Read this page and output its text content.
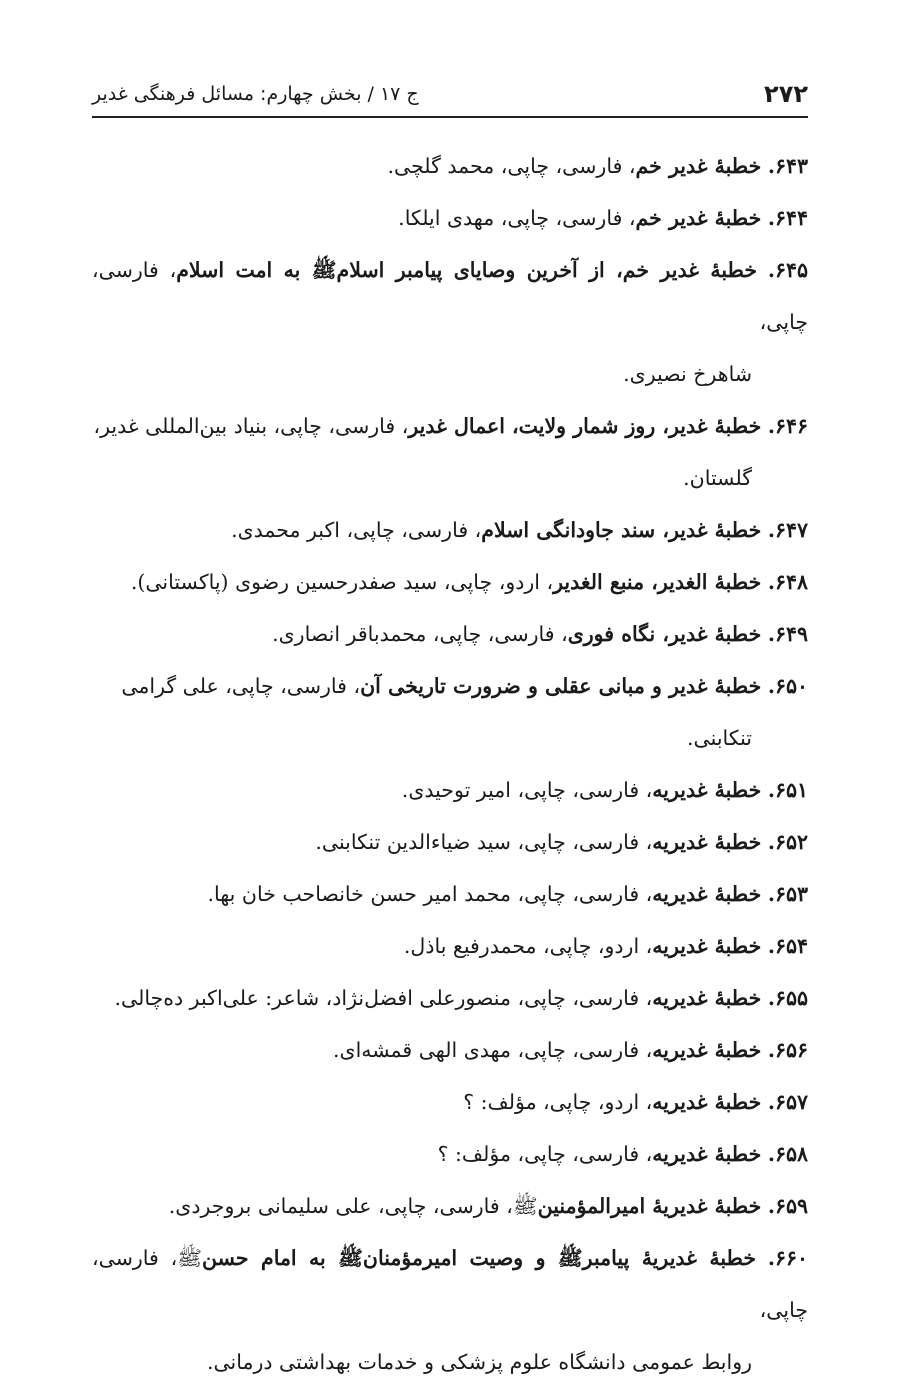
۲۷۲
ج ۱۷ / بخش چهارم: مسائل فرهنگی غدیر
۶۴۳. خطبۀ غدیر خم، فارسی، چاپی، محمد گلچی.
۶۴۴. خطبۀ غدیر خم، فارسی، چاپی، مهدی ایلکا.
۶۴۵. خطبۀ غدیر خم، از آخرین وصایای پیامبر اسلامﷺ به امت اسلام، فارسی، چاپی،
شاهرخ نصیری.
۶۴۶. خطبۀ غدیر، روز شمار ولایت، اعمال غدیر، فارسی، چاپی، بنیاد بین‌المللی غدیر،
گلستان.
۶۴۷. خطبۀ غدیر، سند جاودانگی اسلام، فارسی، چاپی، اکبر محمدی.
۶۴۸. خطبۀ الغدیر، منبع الغدیر، اردو، چاپی، سید صفدرحسین رضوی (پاکستانی).
۶۴۹. خطبۀ غدیر، نگاه فوری، فارسی، چاپی، محمدباقر انصاری.
۶۵۰. خطبۀ غدیر و مبانی عقلی و ضرورت تاریخی آن، فارسی، چاپی، علی گرامی
تنکابنی.
۶۵۱. خطبۀ غدیریه، فارسی، چاپی، امیر توحیدی.
۶۵۲. خطبۀ غدیریه، فارسی، چاپی، سید ضیاءالدین تنکابنی.
۶۵۳. خطبۀ غدیریه، فارسی، چاپی، محمد امیر حسن خانصاحب خان بها.
۶۵۴. خطبۀ غدیریه، اردو، چاپی، محمدرفیع باذل.
۶۵۵. خطبۀ غدیریه، فارسی، چاپی، منصورعلی افضل‌نژاد، شاعر: علی‌اکبر ده‌چالی.
۶۵۶. خطبۀ غدیریه، فارسی، چاپی، مهدی الهی قمشه‌ای.
۶۵۷. خطبۀ غدیریه، اردو، چاپی، مؤلف: ؟
۶۵۸. خطبۀ غدیریه، فارسی، چاپی، مؤلف: ؟
۶۵۹. خطبۀ غدیریۀ امیرالمؤمنینﷺ، فارسی، چاپی، علی سلیمانی بروجردی.
۶۶۰. خطبۀ غدیریۀ پیامبرﷺ و وصیت امیرمؤمنانﷺ به امام حسنﷺ، فارسی، چاپی،
روابط عمومی دانشگاه علوم پزشکی و خدمات بهداشتی درمانی.
